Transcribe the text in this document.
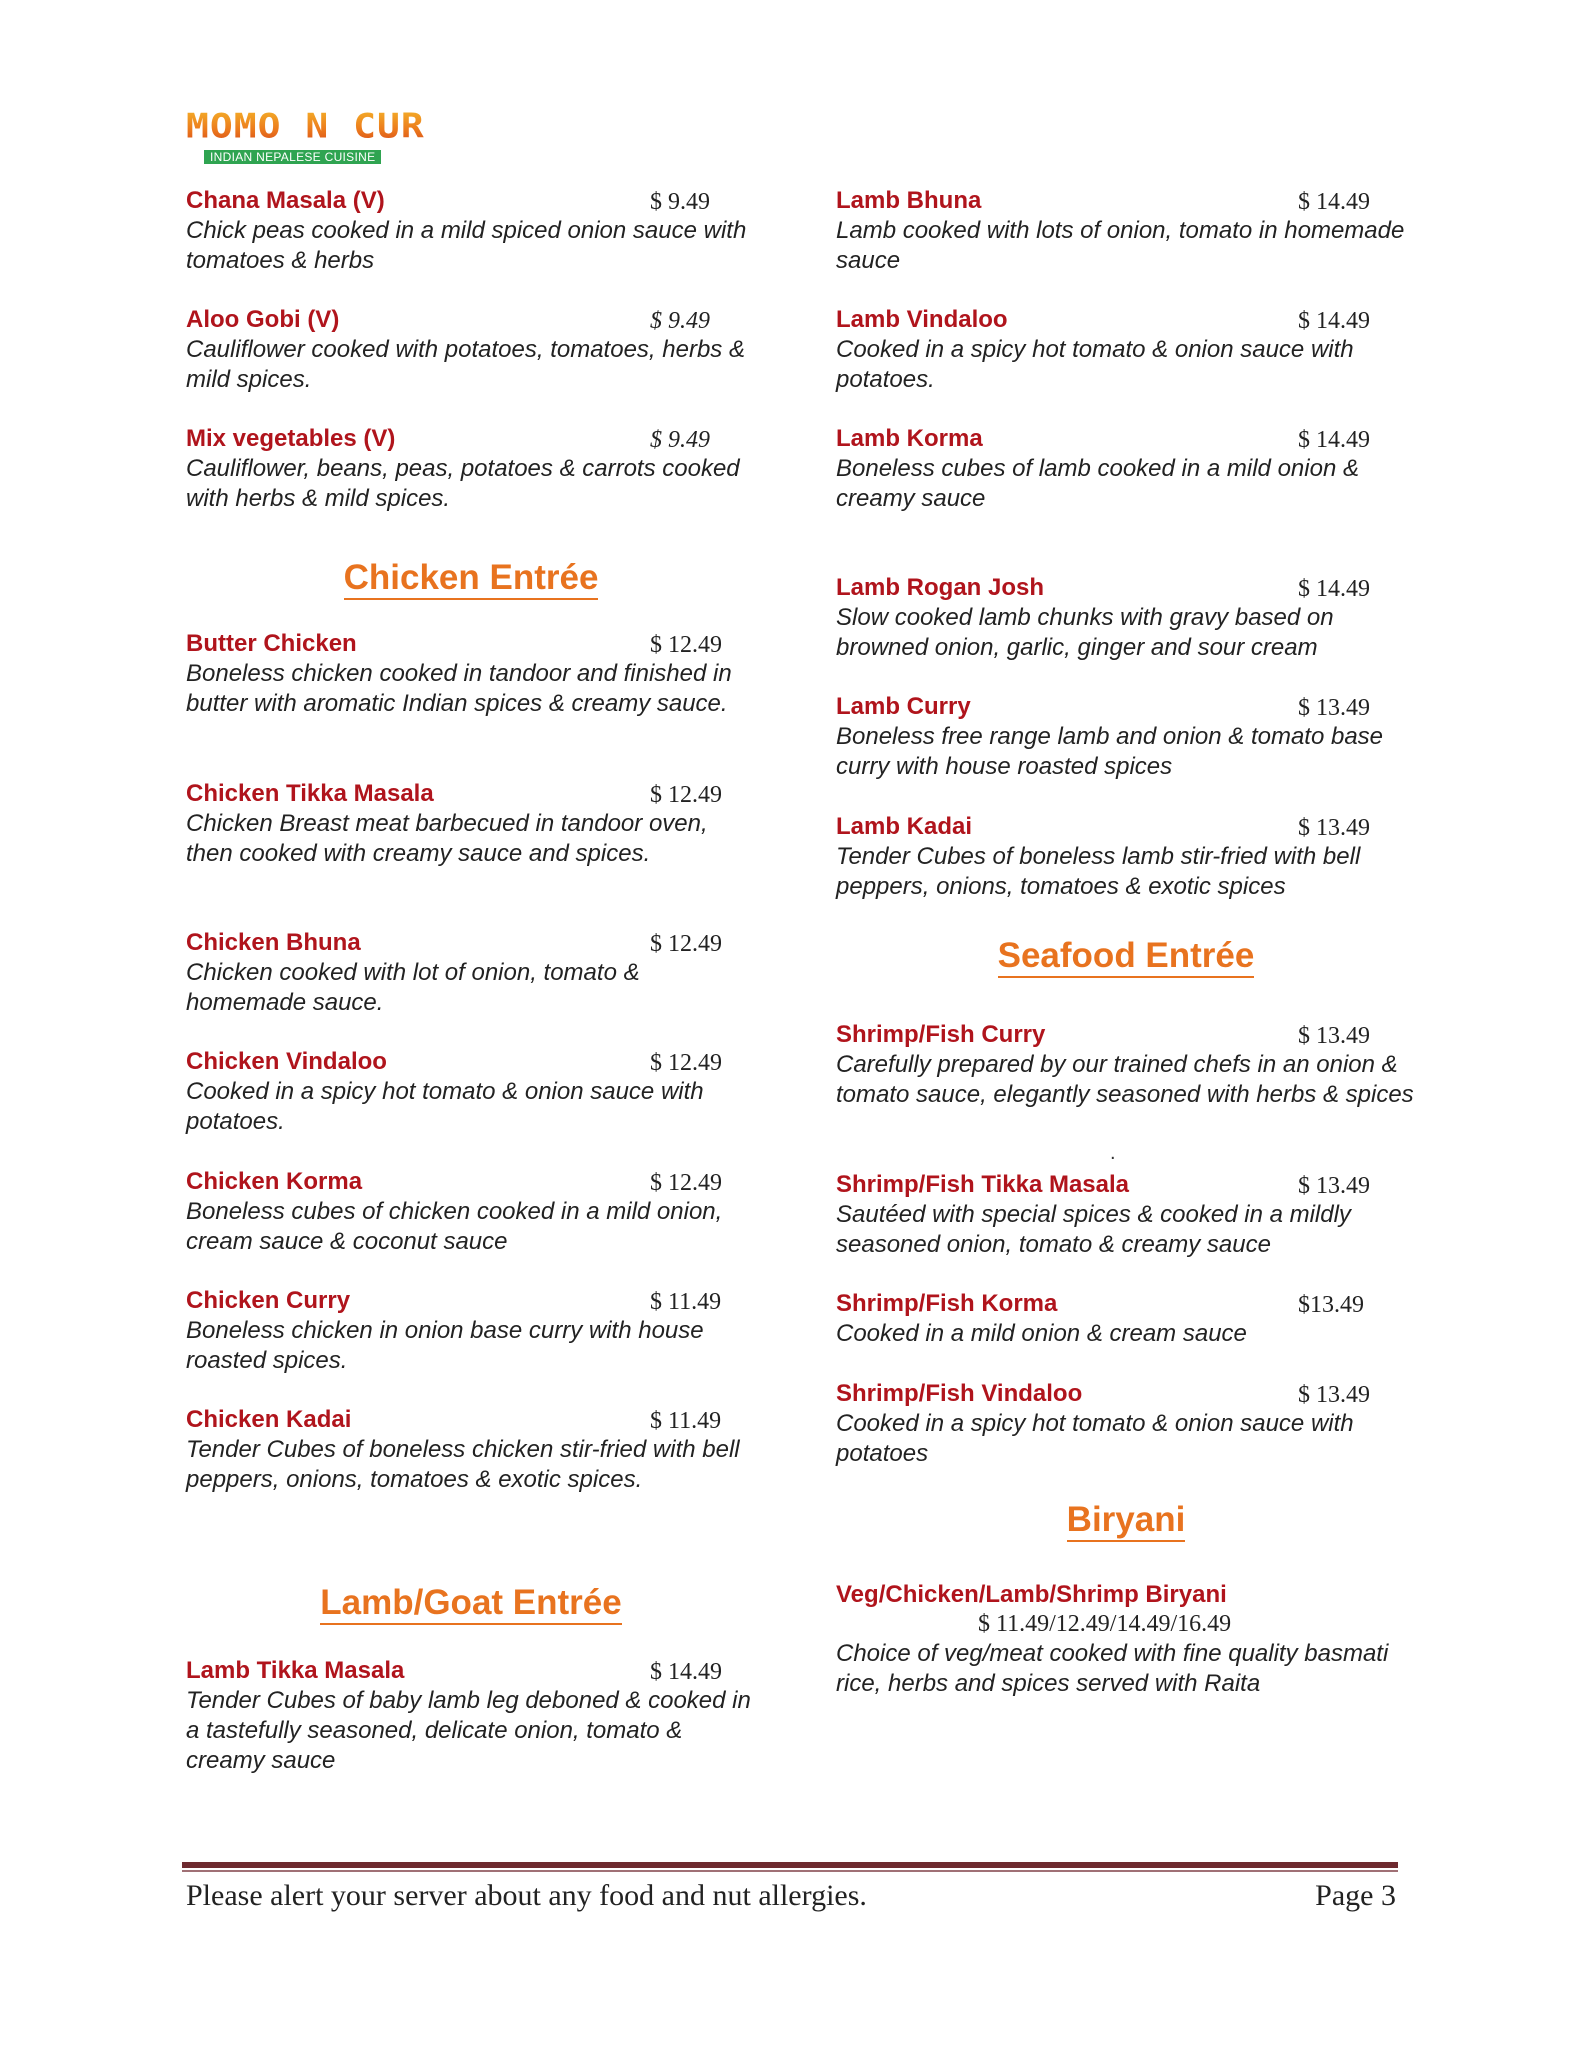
MOMO N CURRY
INDIAN NEPALESE CUISINE
Chana Masala (V)	$ 9.49
Chick peas cooked in a mild spiced onion sauce with tomatoes & herbs
Aloo Gobi (V)	$ 9.49
Cauliflower cooked with potatoes, tomatoes, herbs & mild spices.
Mix vegetables (V)	$ 9.49
Cauliflower, beans, peas, potatoes & carrots cooked with herbs & mild spices.
Chicken Entrée
Butter Chicken	$ 12.49
Boneless chicken cooked in tandoor and finished in butter with aromatic Indian spices & creamy sauce.
Chicken Tikka Masala	$ 12.49
Chicken Breast meat barbecued in tandoor oven, then cooked with creamy sauce and spices.
Chicken Bhuna	$ 12.49
Chicken cooked with lot of onion, tomato & homemade sauce.
Chicken Vindaloo	$ 12.49
Cooked in a spicy hot tomato & onion sauce with potatoes.
Chicken Korma	$ 12.49
Boneless cubes of chicken cooked in a mild onion, cream sauce & coconut sauce
Chicken Curry	$ 11.49
Boneless chicken in onion base curry with house roasted spices.
Chicken Kadai	$ 11.49
Tender Cubes of boneless chicken stir-fried with bell peppers, onions, tomatoes & exotic spices.
Lamb/Goat Entrée
Lamb Tikka Masala	$ 14.49
Tender Cubes of baby lamb leg deboned & cooked in a tastefully seasoned, delicate onion, tomato & creamy sauce
Lamb Bhuna	$ 14.49
Lamb cooked with lots of onion, tomato in homemade sauce
Lamb Vindaloo	$ 14.49
Cooked in a spicy hot tomato & onion sauce with potatoes.
Lamb Korma	$ 14.49
Boneless cubes of lamb cooked in a mild onion & creamy sauce
Lamb Rogan Josh	$ 14.49
Slow cooked lamb chunks with gravy based on browned onion, garlic, ginger and sour cream
Lamb Curry	$ 13.49
Boneless free range lamb and onion & tomato base curry with house roasted spices
Lamb Kadai	$ 13.49
Tender Cubes of boneless lamb stir-fried with bell peppers, onions, tomatoes & exotic spices
Seafood Entrée
Shrimp/Fish Curry	$ 13.49
Carefully prepared by our trained chefs in an onion & tomato sauce, elegantly seasoned with herbs & spices
Shrimp/Fish Tikka Masala	$ 13.49
Sautéed with special spices & cooked in a mildly seasoned onion, tomato & creamy sauce
Shrimp/Fish Korma	$13.49
Cooked in a mild onion & cream sauce
Shrimp/Fish Vindaloo	$ 13.49
Cooked in a spicy hot tomato & onion sauce with potatoes
Biryani
Veg/Chicken/Lamb/Shrimp Biryani
$ 11.49/12.49/14.49/16.49
Choice of veg/meat cooked with fine quality basmati rice, herbs and spices served with Raita
.
Please alert your server about any food and nut allergies.	Page 3
